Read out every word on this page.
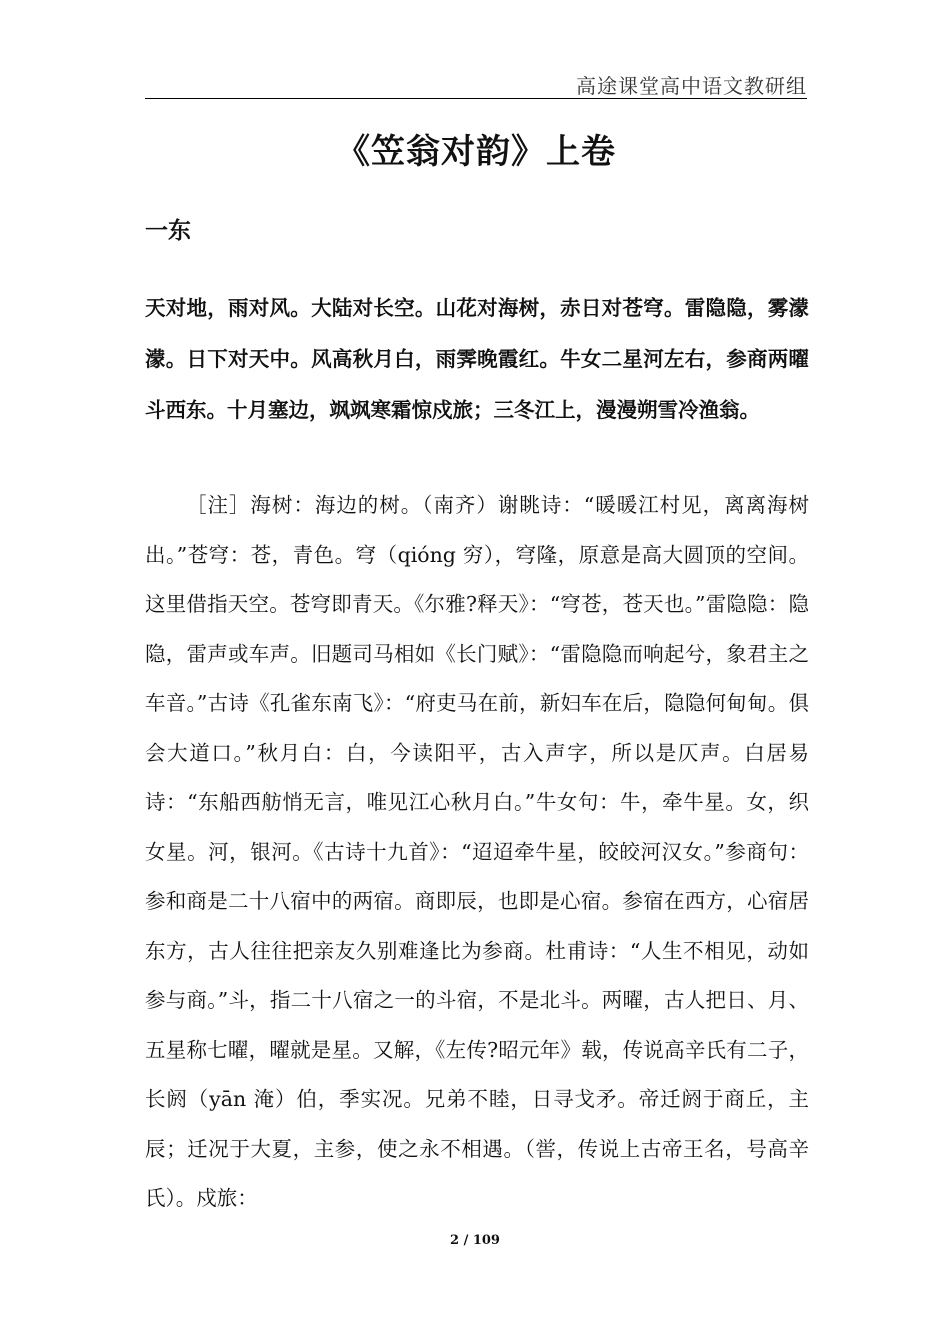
高途课堂高中语文教研组
《笠翁对韵》上卷
一东
天对地，雨对风。大陆对长空。山花对海树，赤日对苍穹。雷隐隐，雾濛濛。日下对天中。风高秋月白，雨霁晚霞红。牛女二星河左右，参商两曜斗西东。十月塞边，飒飒寒霜惊戍旅；三冬江上，漫漫朔雪冷渔翁。
［注］海树：海边的树。（南齐）谢眺诗：“暖暖江村见，离离海树出。”苍穹：苍，青色。穹（qióng 穷），穹隆，原意是高大圆顶的空间。这里借指天空。苍穹即青天。《尔雅?释天》：“穹苍，苍天也。”雷隐隐：隐隐，雷声或车声。旧题司马相如《长门赋》：“雷隐隐而响起兮，象君主之车音。”古诗《孔雀东南飞》：“府吏马在前，新妇车在后，隐隐何甸甸。俱会大道口。”秋月白：白，今读阳平，古入声字，所以是仄声。白居易诗：“东船西舫悄无言，唯见江心秋月白。”牛女句：牛，牵牛星。女，织女星。河，银河。《古诗十九首》：“迢迢牵牛星，皎皎河汉女。”参商句：参和商是二十八宿中的两宿。商即辰，也即是心宿。参宿在西方，心宿居东方，古人往往把亲友久别难逢比为参商。杜甫诗：“人生不相见，动如参与商。”斗，指二十八宿之一的斗宿，不是北斗。两曜，古人把日、月、五星称七曜，曜就是星。又解，《左传?昭元年》载，传说高辛氏有二子，长阏（yān 淹）伯，季实况。兄弟不睦，日寻戈矛。帝迁阏于商丘，主辰；迁况于大夏，主参，使之永不相遇。（喾，传说上古帝王名，号高辛氏）。戍旅：
2 / 109
